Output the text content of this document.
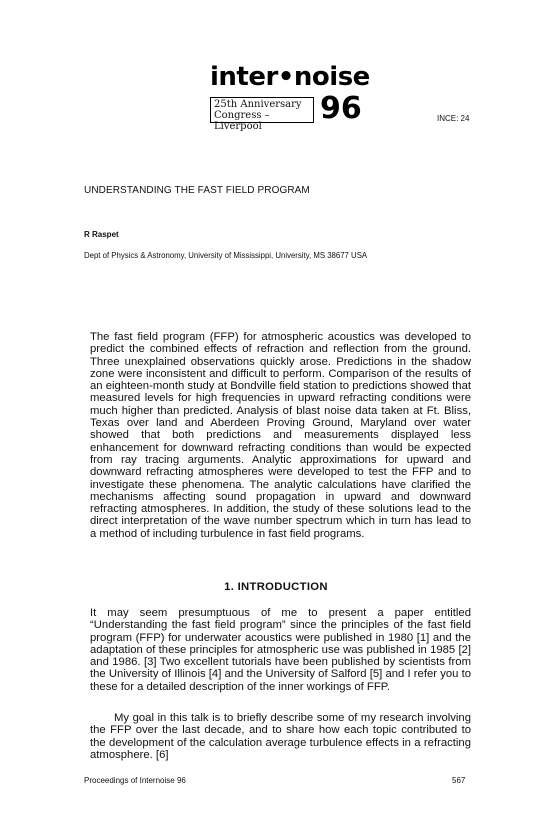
inter•noise
25th Anniversary
Congress – Liverpool
96	INCE: 24
UNDERSTANDING THE FAST FIELD PROGRAM
R Raspet
Dept of Physics & Astronomy, University of Mississippi, University, MS 38677 USA

The fast field program (FFP) for atmospheric acoustics was developed to predict the combined effects of refraction and reflection from the ground. Three unexplained observations quickly arose. Predictions in the shadow zone were inconsistent and difficult to perform. Comparison of the results of an eighteen-month study at Bondville field station to predictions showed that measured levels for high frequencies in upward refracting conditions were much higher than predicted. Analysis of blast noise data taken at Ft. Bliss, Texas over land and Aberdeen Proving Ground, Maryland over water showed that both predictions and measurements displayed less enhancement for downward refracting conditions than would be expected from ray tracing arguments. Analytic approximations for upward and downward refracting atmospheres were developed to test the FFP and to investigate these phenomena. The analytic calculations have clarified the mechanisms affecting sound propagation in upward and downward refracting atmospheres. In addition, the study of these solutions lead to the direct interpretation of the wave number spectrum which in turn has lead to a method of including turbulence in fast field programs.

1. INTRODUCTION

It may seem presumptuous of me to present a paper entitled “Understanding the fast field program” since the principles of the fast field program (FFP) for underwater acoustics were published in 1980 [1] and the adaptation of these principles for atmospheric use was published in 1985 [2] and 1986. [3] Two excellent tutorials have been published by scientists from the University of Illinois [4] and the University of Salford [5] and I refer you to these for a detailed description of the inner workings of FFP.

My goal in this talk is to briefly describe some of my research involving the FFP over the last decade, and to share how each topic contributed to the development of the calculation average turbulence effects in a refracting atmosphere. [6]

Proceedings of Internoise 96	567
